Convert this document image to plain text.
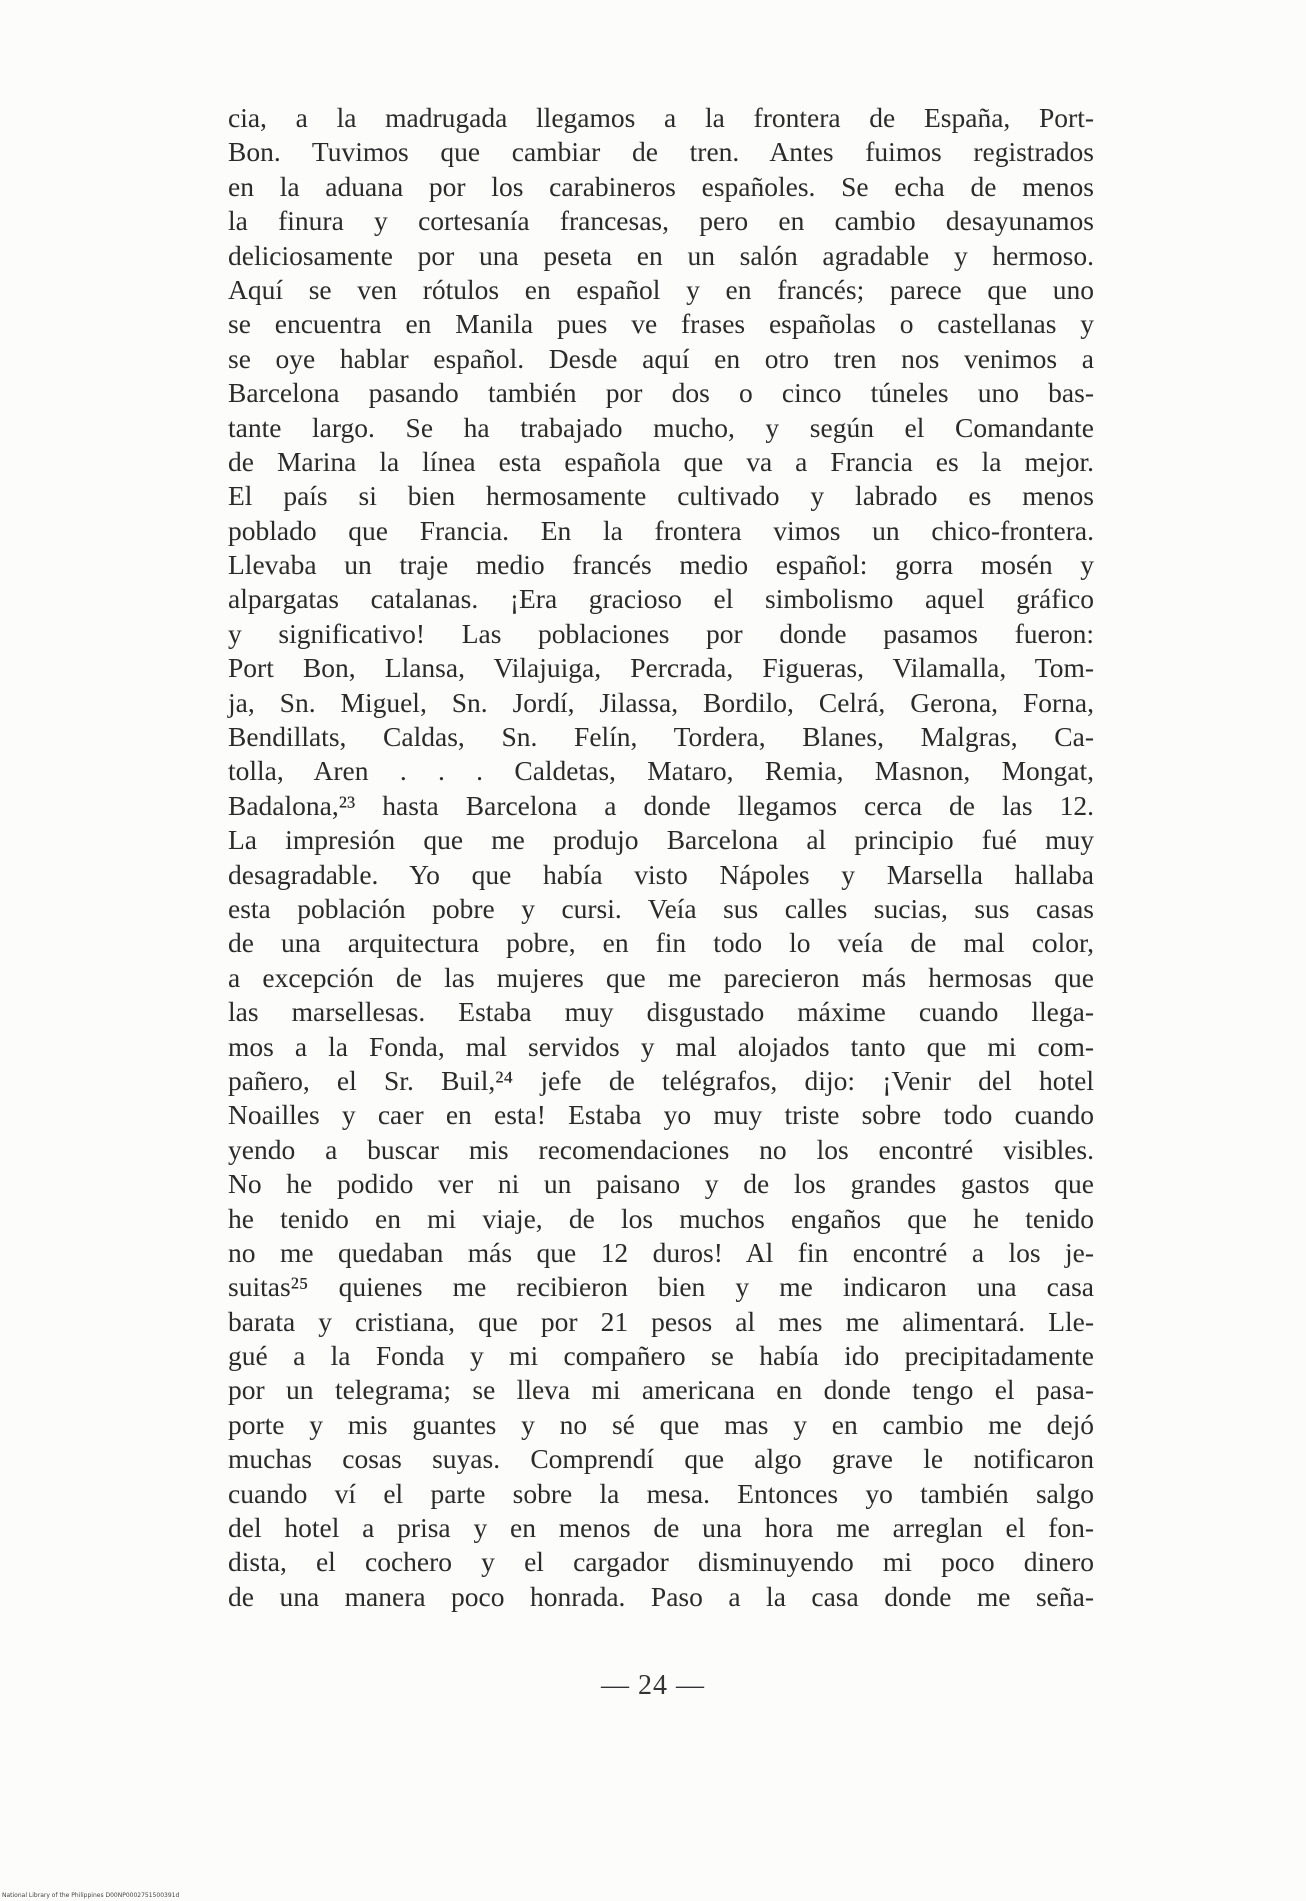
cia, a la madrugada llegamos a la frontera de España, Port-
Bon. Tuvimos que cambiar de tren. Antes fuimos registrados
en la aduana por los carabineros españoles. Se echa de menos
la finura y cortesanía francesas, pero en cambio desayunamos
deliciosamente por una peseta en un salón agradable y hermoso.
Aquí se ven rótulos en español y en francés; parece que uno
se encuentra en Manila pues ve frases españolas o castellanas y
se oye hablar español. Desde aquí en otro tren nos venimos a
Barcelona pasando también por dos o cinco túneles uno bas-
tante largo. Se ha trabajado mucho, y según el Comandante
de Marina la línea esta española que va a Francia es la mejor.
El país si bien hermosamente cultivado y labrado es menos
poblado que Francia. En la frontera vimos un chico-frontera.
Llevaba un traje medio francés medio español: gorra mosén y
alpargatas catalanas. ¡Era gracioso el simbolismo aquel gráfico
y significativo! Las poblaciones por donde pasamos fueron:
Port Bon, Llansa, Vilajuiga, Percrada, Figueras, Vilamalla, Tom-
ja, Sn. Miguel, Sn. Jordí, Jilassa, Bordilo, Celrá, Gerona, Forna,
Bendillats, Caldas, Sn. Felín, Tordera, Blanes, Malgras, Ca-
tolla, Aren . . . Caldetas, Mataro, Remia, Masnon, Mongat,
Badalona,²³ hasta Barcelona a donde llegamos cerca de las 12.
La impresión que me produjo Barcelona al principio fué muy
desagradable. Yo que había visto Nápoles y Marsella hallaba
esta población pobre y cursi. Veía sus calles sucias, sus casas
de una arquitectura pobre, en fin todo lo veía de mal color,
a excepción de las mujeres que me parecieron más hermosas que
las marsellesas. Estaba muy disgustado máxime cuando llega-
mos a la Fonda, mal servidos y mal alojados tanto que mi com-
pañero, el Sr. Buil,²⁴ jefe de telégrafos, dijo: ¡Venir del hotel
Noailles y caer en esta! Estaba yo muy triste sobre todo cuando
yendo a buscar mis recomendaciones no los encontré visibles.
No he podido ver ni un paisano y de los grandes gastos que
he tenido en mi viaje, de los muchos engaños que he tenido
no me quedaban más que 12 duros! Al fin encontré a los je-
suitas²⁵ quienes me recibieron bien y me indicaron una casa
barata y cristiana, que por 21 pesos al mes me alimentará. Lle-
gué a la Fonda y mi compañero se había ido precipitadamente
por un telegrama; se lleva mi americana en donde tengo el pasa-
porte y mis guantes y no sé que mas y en cambio me dejó
muchas cosas suyas. Comprendí que algo grave le notificaron
cuando ví el parte sobre la mesa. Entonces yo también salgo
del hotel a prisa y en menos de una hora me arreglan el fon-
dista, el cochero y el cargador disminuyendo mi poco dinero
de una manera poco honrada. Paso a la casa donde me seña-
— 24 —
National Library of the Philippines D00NP0002751500391d
